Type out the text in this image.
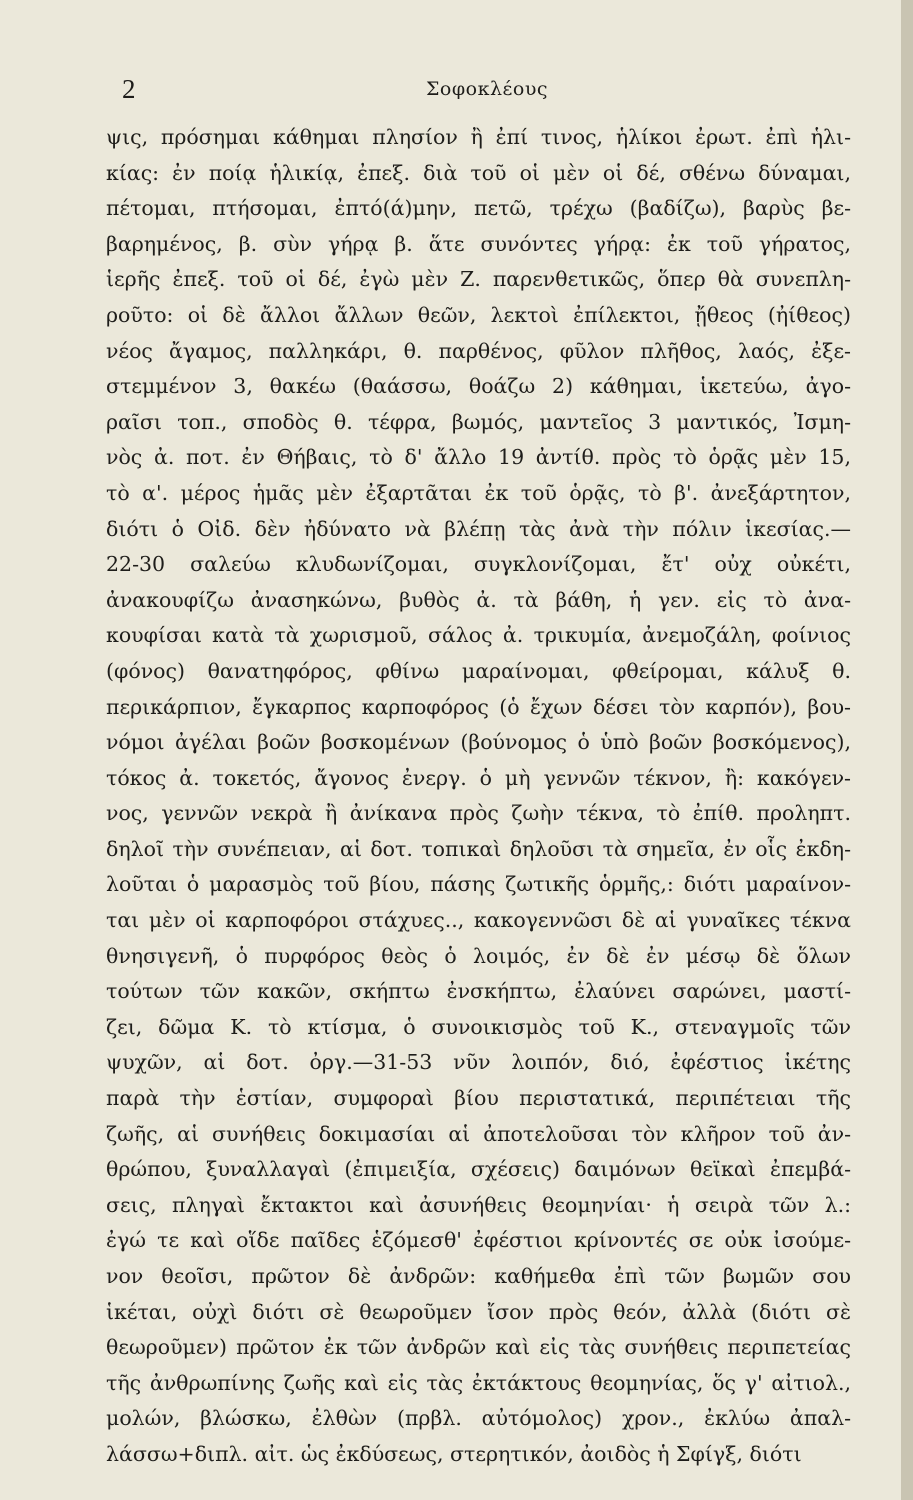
2	Σοφοκλέους
ψις, πρόσημαι κάθημαι πλησίον ἢ ἐπί τινος, ἡλίκοι ἐρωτ. ἐπὶ ἡλι-
κίας: ἐν ποίᾳ ἡλικίᾳ, ἐπεξ. διὰ τοῦ οἱ μὲν οἱ δέ, σθένω δύναμαι,
πέτομαι, πτήσομαι, ἐπτό(ά)μην, πετῶ, τρέχω (βαδίζω), βαρὺς βε-
βαρημένος, β. σὺν γήρᾳ β. ἅτε συνόντες γήρᾳ: ἐκ τοῦ γήρατος,
ἱερῆς ἐπεξ. τοῦ οἱ δέ, ἐγὼ μὲν Ζ. παρενθετικῶς, ὅπερ θὰ συνεπλη-
ροῦτο: οἱ δὲ ἄλλοι ἄλλων θεῶν, λεκτοὶ ἐπίλεκτοι, ᾔθεος (ἠίθεος)
νέος ἄγαμος, παλληκάρι, θ. παρθένος, φῦλον πλῆθος, λαός, ἐξε-
στεμμένον 3, θακέω (θαάσσω, θοάζω 2) κάθημαι, ἱκετεύω, ἀγο-
ραῖσι τοπ., σποδὸς θ. τέφρα, βωμός, μαντεῖος 3 μαντικός, Ἰσμη-
νὸς ἀ. ποτ. ἐν Θήβαις, τὸ δ' ἄλλο 19 ἀντίθ. πρὸς τὸ ὁρᾷς μὲν 15,
τὸ α'. μέρος ἡμᾶς μὲν ἐξαρτᾶται ἐκ τοῦ ὁρᾷς, τὸ β'. ἀνεξάρτητον,
διότι ὁ Οἰδ. δὲν ἠδύνατο νὰ βλέπῃ τὰς ἀνὰ τὴν πόλιν ἱκεσίας.—
22-30 σαλεύω κλυδωνίζομαι, συγκλονίζομαι, ἔτ' οὐχ οὐκέτι,
ἀνακουφίζω ἀνασηκώνω, βυθὸς ἀ. τὰ βάθη, ἡ γεν. εἰς τὸ ἀνα-
κουφίσαι κατὰ τὰ χωρισμοῦ, σάλος ἀ. τρικυμία, ἀνεμοζάλη, φοίνιος
(φόνος) θανατηφόρος, φθίνω μαραίνομαι, φθείρομαι, κάλυξ θ.
περικάρπιον, ἔγκαρπος καρποφόρος (ὁ ἔχων δέσει τὸν καρπόν), βου-
νόμοι ἀγέλαι βοῶν βοσκομένων (βούνομος ὁ ὑπὸ βοῶν βοσκόμενος),
τόκος ἀ. τοκετός, ἄγονος ἐνεργ. ὁ μὴ γεννῶν τέκνον, ἢ: κακόγεν-
νος, γεννῶν νεκρὰ ἢ ἀνίκανα πρὸς ζωὴν τέκνα, τὸ ἐπίθ. προληπτ.
δηλοῖ τὴν συνέπειαν, αἱ δοτ. τοπικαὶ δηλοῦσι τὰ σημεῖα, ἐν οἷς ἐκδη-
λοῦται ὁ μαρασμὸς τοῦ βίου, πάσης ζωτικῆς ὁρμῆς,: διότι μαραίνον-
ται μὲν οἱ καρποφόροι στάχυες.., κακογεννῶσι δὲ αἱ γυναῖκες τέκνα
θνησιγενῆ, ὁ πυρφόρος θεὸς ὁ λοιμός, ἐν δὲ ἐν μέσῳ δὲ ὅλων
τούτων τῶν κακῶν, σκήπτω ἐνσκήπτω, ἐλαύνει σαρώνει, μαστί-
ζει, δῶμα Κ. τὸ κτίσμα, ὁ συνοικισμὸς τοῦ Κ., στεναγμοῖς τῶν
ψυχῶν, αἱ δοτ. ὀργ.—31-53 νῦν λοιπόν, διό, ἐφέστιος ἱκέτης
παρὰ τὴν ἑστίαν, συμφοραὶ βίου περιστατικά, περιπέτειαι τῆς
ζωῆς, αἱ συνήθεις δοκιμασίαι αἱ ἀποτελοῦσαι τὸν κλῆρον τοῦ ἀν-
θρώπου, ξυναλλαγαὶ (ἐπιμειξία, σχέσεις) δαιμόνων θεϊκαὶ ἐπεμβά-
σεις, πληγαὶ ἔκτακτοι καὶ ἀσυνήθεις θεομηνίαι· ἡ σειρὰ τῶν λ.:
ἐγώ τε καὶ οἵδε παῖδες ἑζόμεσθ' ἐφέστιοι κρίνοντές σε οὐκ ἰσούμε-
νον θεοῖσι, πρῶτον δὲ ἀνδρῶν: καθήμεθα ἐπὶ τῶν βωμῶν σου
ἱκέται, οὐχὶ διότι σὲ θεωροῦμεν ἴσον πρὸς θεόν, ἀλλὰ (διότι σὲ
θεωροῦμεν) πρῶτον ἐκ τῶν ἀνδρῶν καὶ εἰς τὰς συνήθεις περιπετείας
τῆς ἀνθρωπίνης ζωῆς καὶ εἰς τὰς ἐκτάκτους θεομηνίας, ὅς γ' αἰτιολ.,
μολών, βλώσκω, ἐλθὼν (πρβλ. αὐτόμολος) χρον., ἐκλύω ἀπαλ-
λάσσω+διπλ. αἰτ. ὡς ἐκδύσεως, στερητικόν, ἀοιδὸς ἡ Σφίγξ, διότι
